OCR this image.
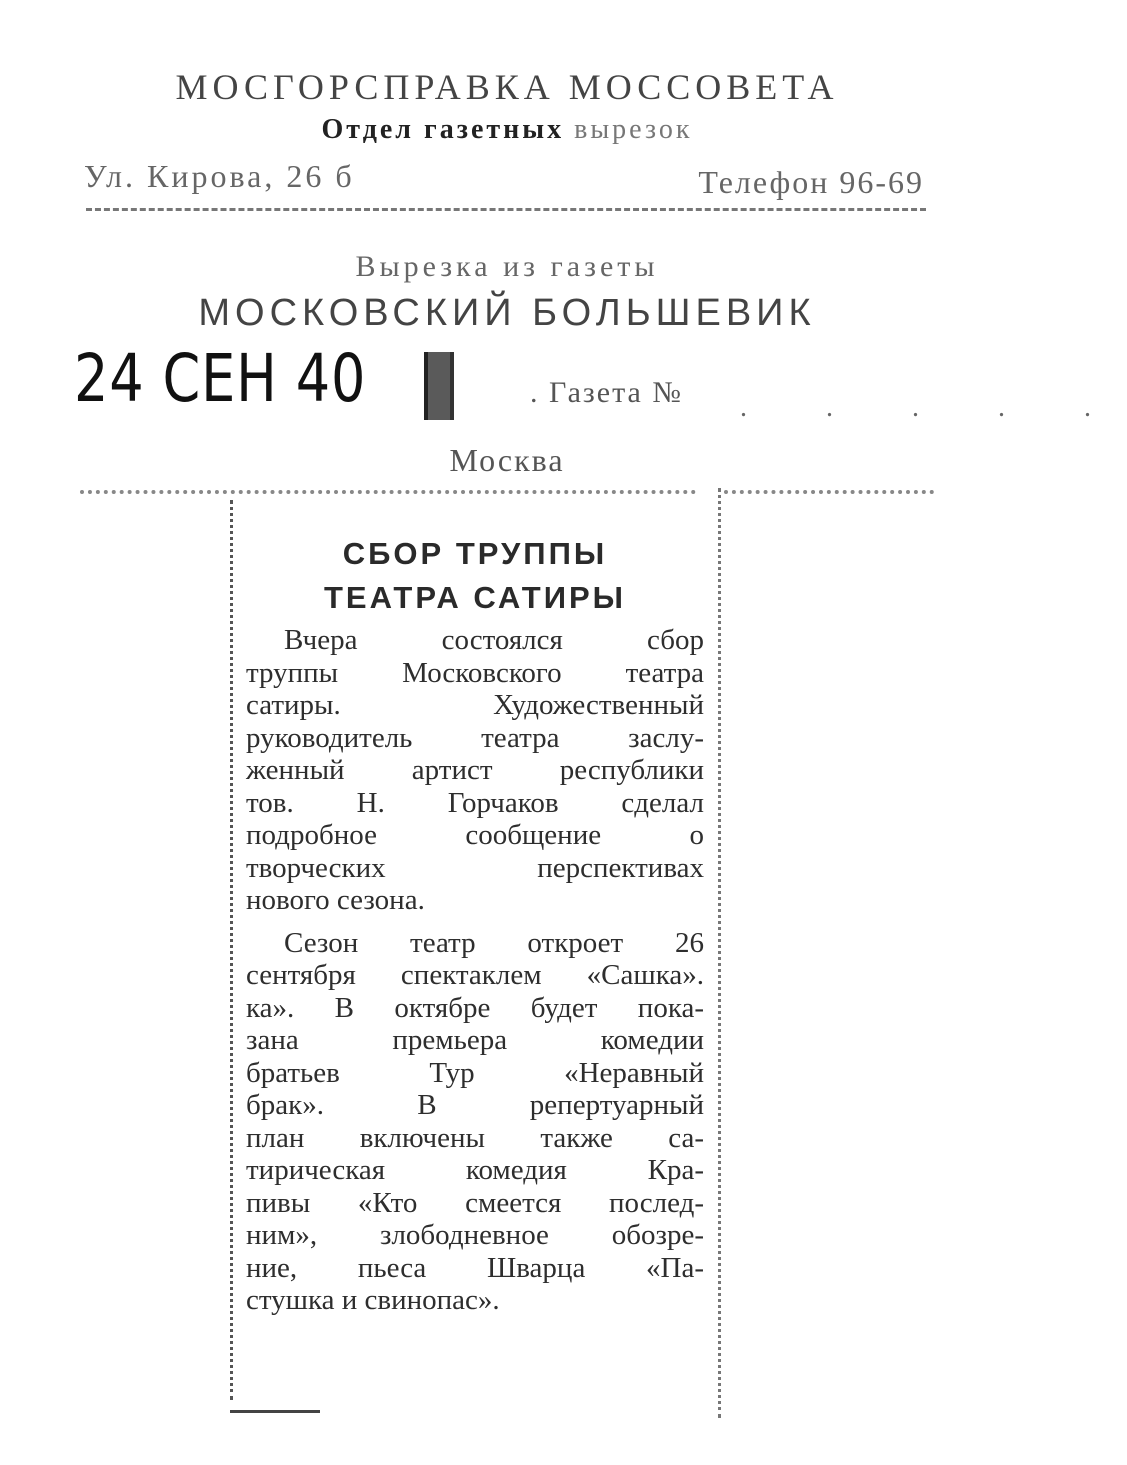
МОСГОРСПРАВКА МОССОВЕТА
Отдел газетных вырезок
Ул. Кирова, 26 б	Телефон 96-69
Вырезка из газеты
МОСКОВСКИЙ БОЛЬШЕВИК
24 СЕН 40	. Газета № . . . . .
Москва
СБОР ТРУППЫ
ТЕАТРА САТИРЫ
Вчера состоялся сбор
труппы Московского театра
сатиры. Художественный
руководитель театра заслу-
женный артист республики
тов. Н. Горчаков сделал
подробное сообщение о
творческих перспективах
нового сезона.
Сезон театр откроет 26
сентября спектаклем «Сашка».
ка». В октябре будет пока-
зана премьера комедии
братьев Тур «Неравный
брак». В репертуарный
план включены также са-
тирическая комедия Кра-
пивы «Кто смеется послед-
ним», злободневное обозре-
ние, пьеса Шварца «Па-
стушка и свинопас».
